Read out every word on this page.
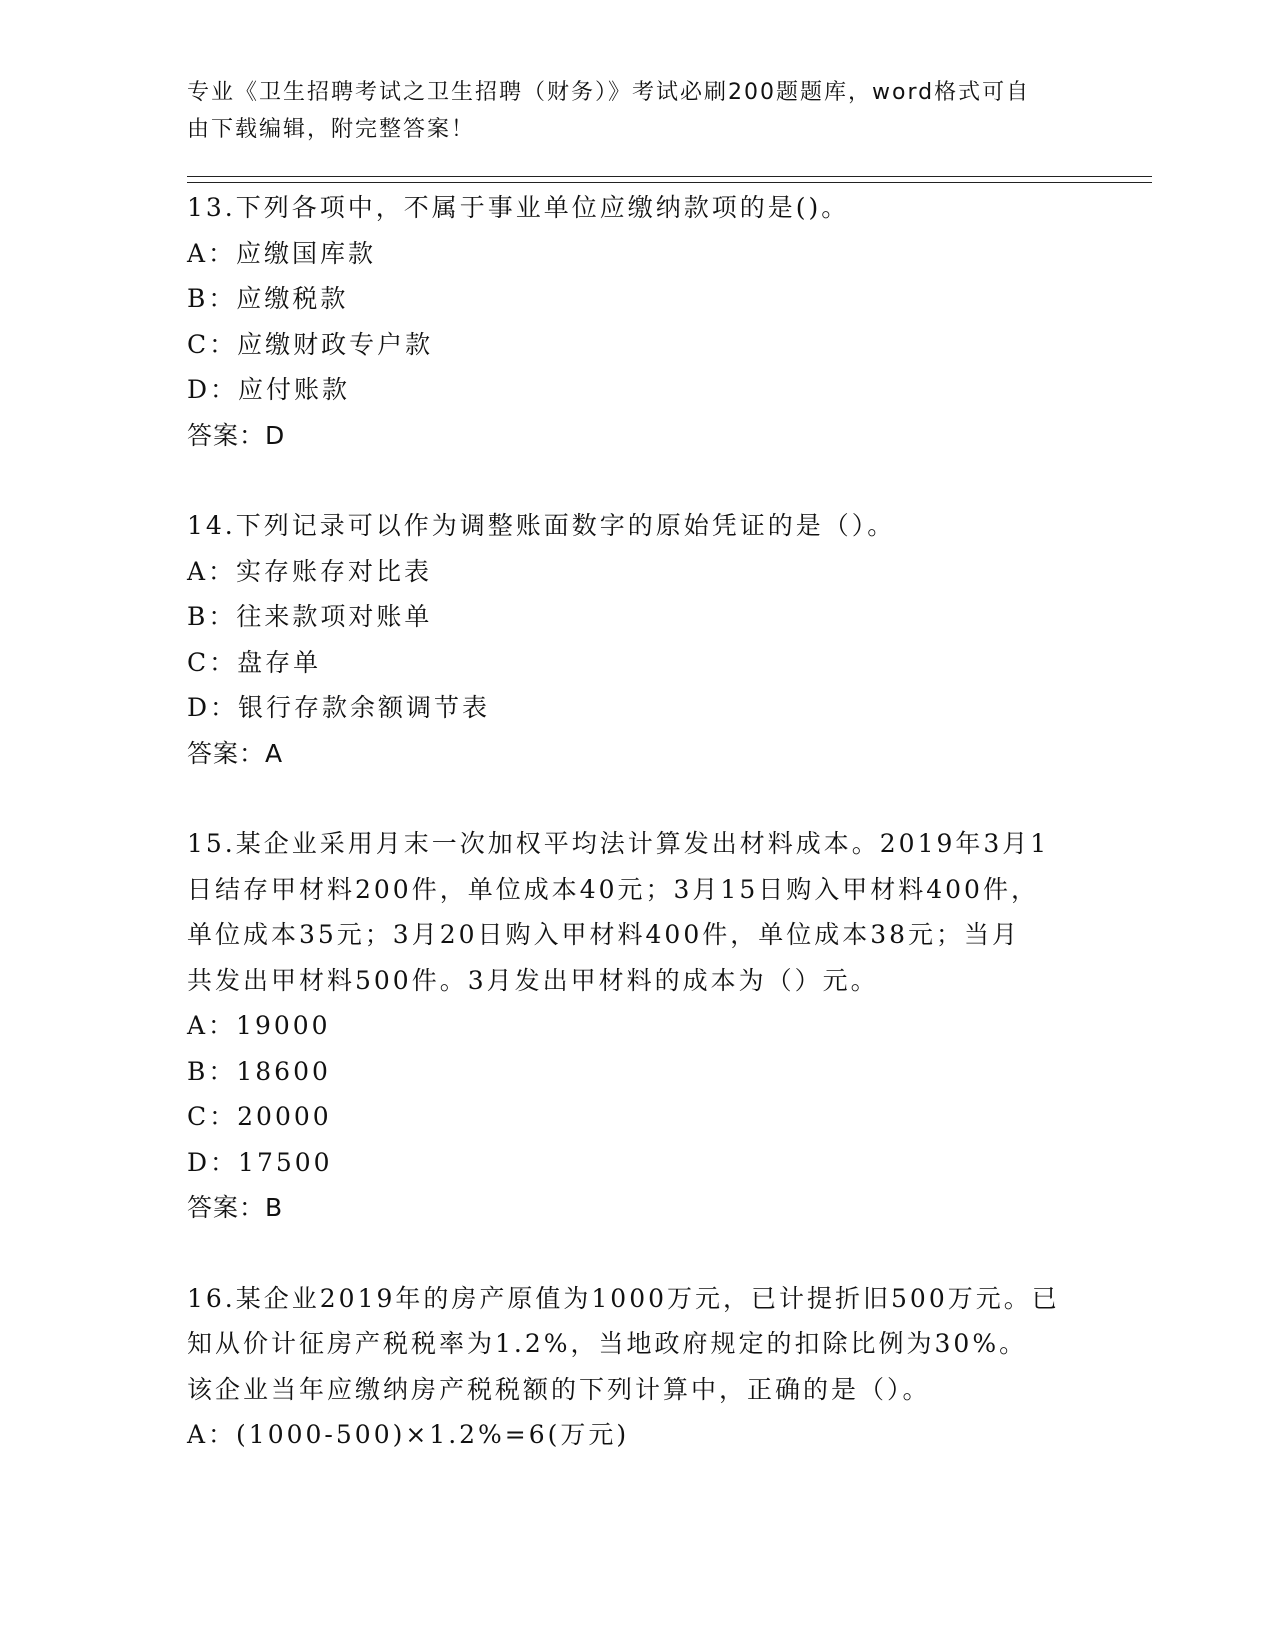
专业《卫生招聘考试之卫生招聘（财务）》考试必刷200题题库，word格式可自
由下载编辑，附完整答案！

13.下列各项中，不属于事业单位应缴纳款项的是()。

A：应缴国库款

B：应缴税款

C：应缴财政专户款

D：应付账款

答案：D

14.下列记录可以作为调整账面数字的原始凭证的是（）。

A：实存账存对比表

B：往来款项对账单

C：盘存单

D：银行存款余额调节表

答案：A

15.某企业采用月末一次加权平均法计算发出材料成本。2019年3月1

日结存甲材料200件，单位成本40元；3月15日购入甲材料400件，

单位成本35元；3月20日购入甲材料400件，单位成本38元；当月

共发出甲材料500件。3月发出甲材料的成本为（）元。

A：19000

B：18600

C：20000

D：17500

答案：B

16.某企业2019年的房产原值为1000万元，已计提折旧500万元。已

知从价计征房产税税率为1.2%，当地政府规定的扣除比例为30%。

该企业当年应缴纳房产税税额的下列计算中，正确的是（）。

A：(1000-500)×1.2%=6(万元)
